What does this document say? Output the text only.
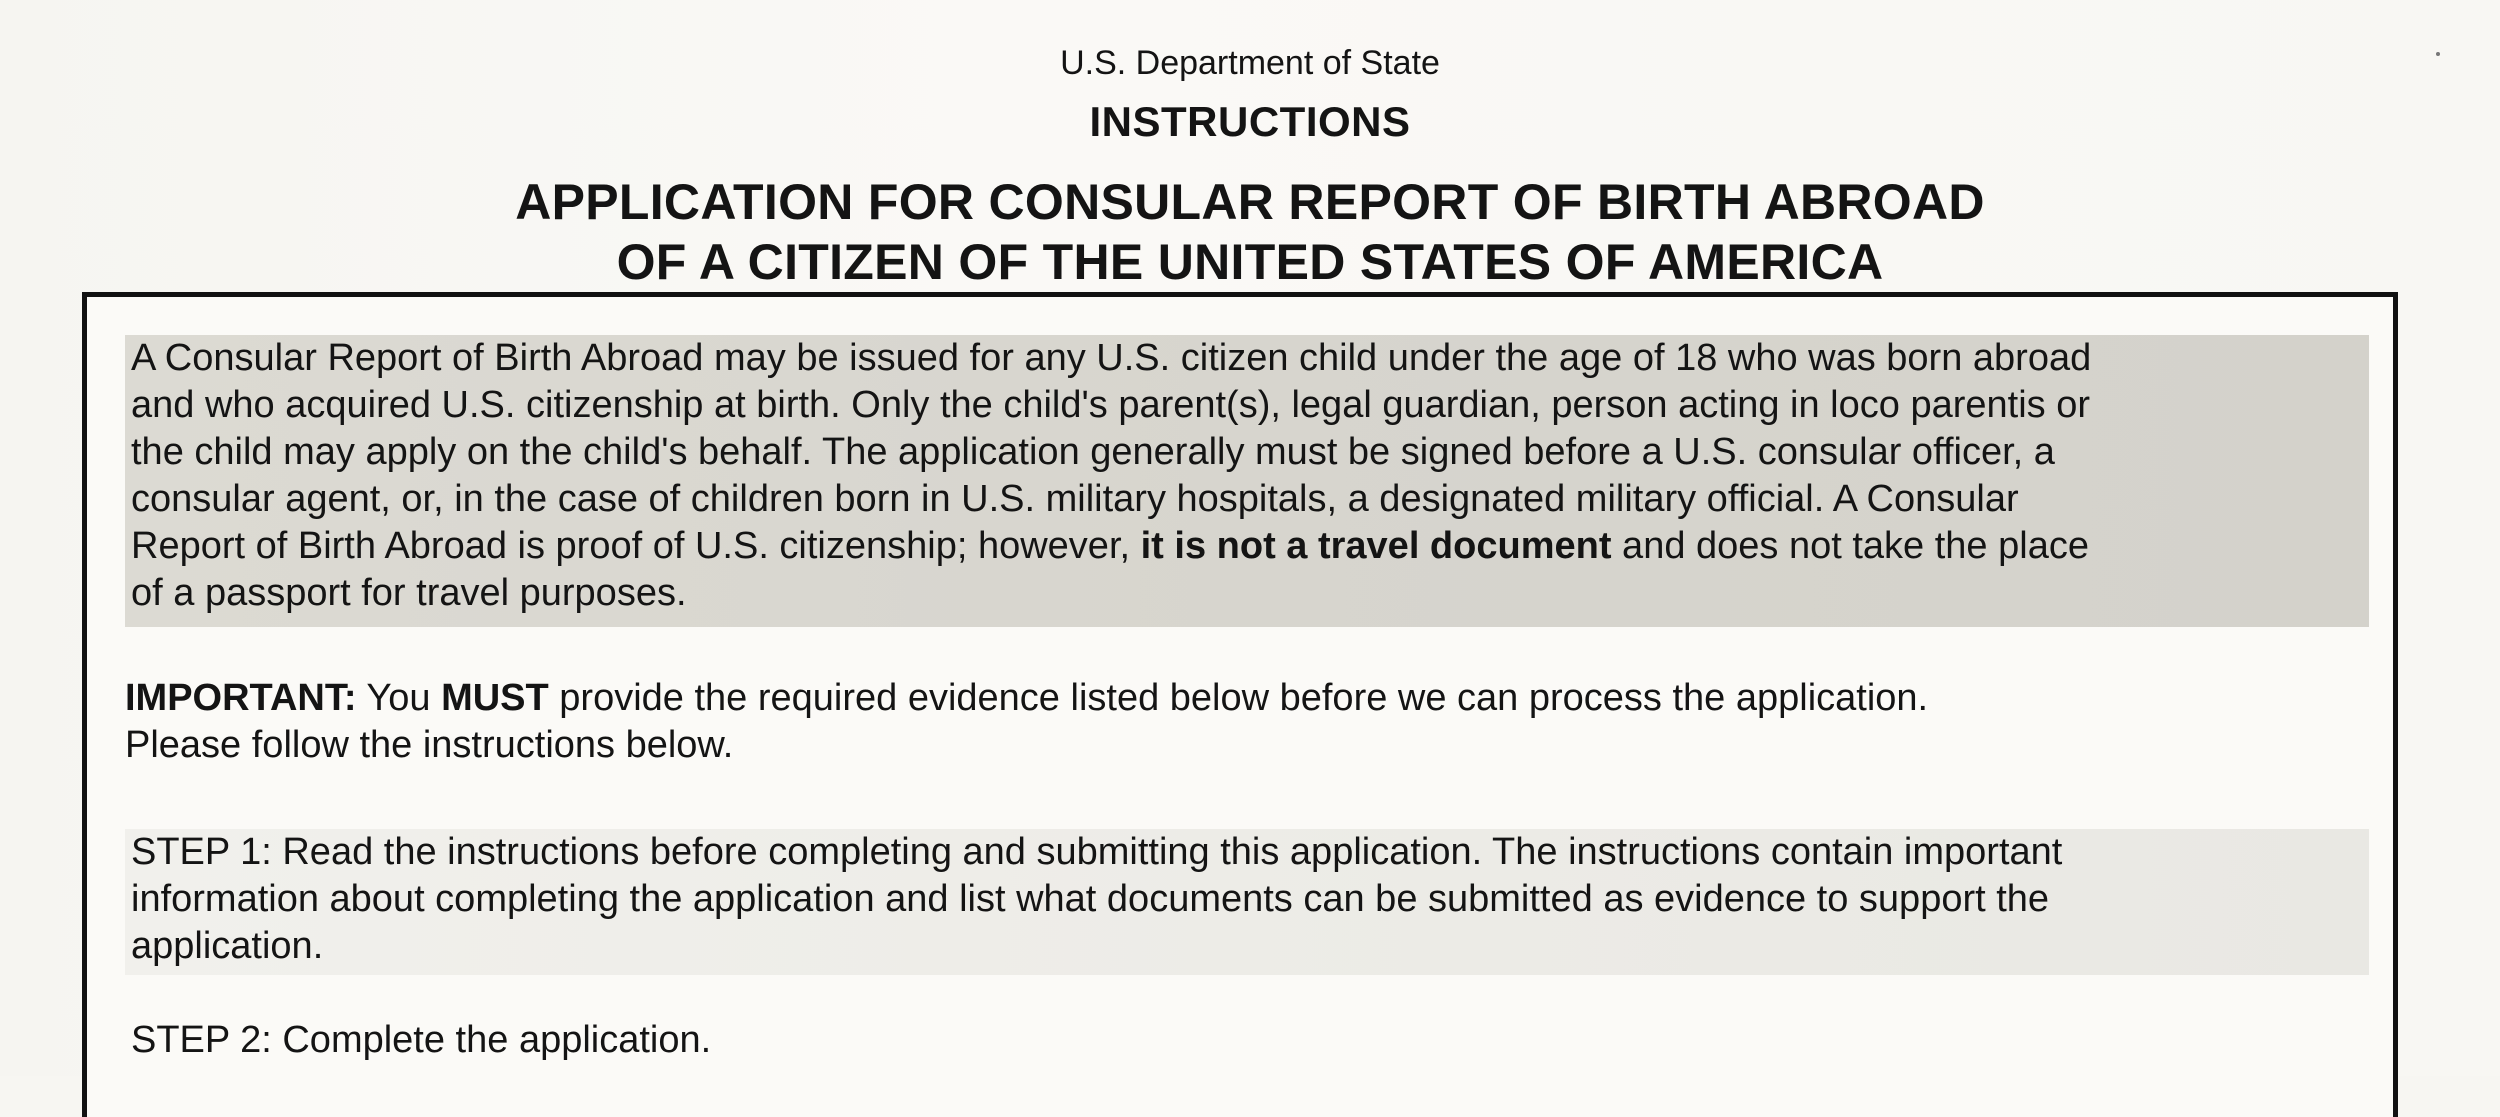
U.S. Department of State

INSTRUCTIONS

APPLICATION FOR CONSULAR REPORT OF BIRTH ABROAD
OF A CITIZEN OF THE UNITED STATES OF AMERICA
A Consular Report of Birth Abroad may be issued for any U.S. citizen child under the age of 18 who was born abroad
and who acquired U.S. citizenship at birth. Only the child's parent(s), legal guardian, person acting in loco parentis or
the child may apply on the child's behalf. The application generally must be signed before a U.S. consular officer, a
consular agent, or, in the case of children born in U.S. military hospitals, a designated military official. A Consular
Report of Birth Abroad is proof of U.S. citizenship; however, it is not a travel document and does not take the place
of a passport for travel purposes.
IMPORTANT: You MUST provide the required evidence listed below before we can process the application.
Please follow the instructions below.
STEP 1: Read the instructions before completing and submitting this application. The instructions contain important
information about completing the application and list what documents can be submitted as evidence to support the
application.
STEP 2: Complete the application.
